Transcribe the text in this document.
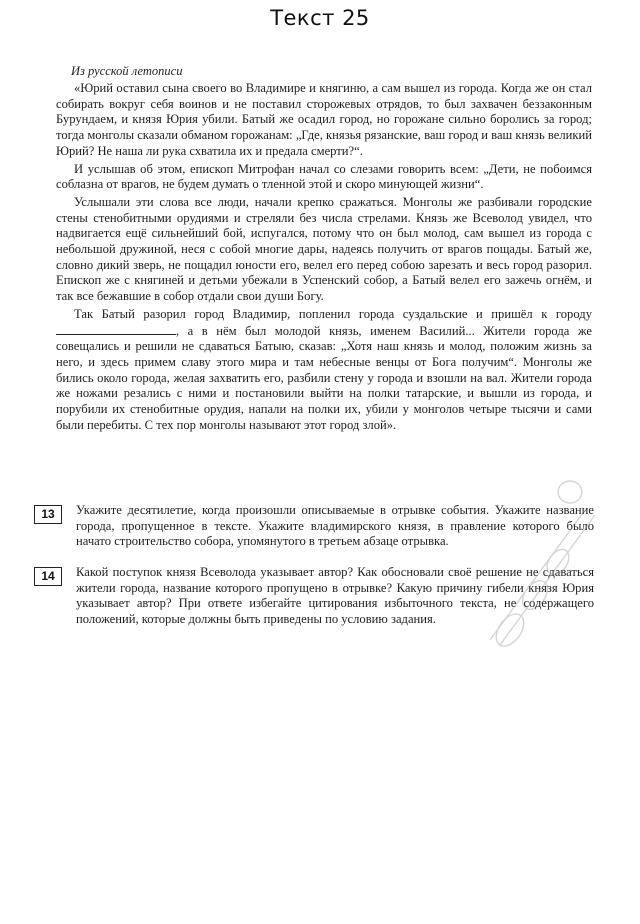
Текст 25
Из русской летописи

«Юрий оставил сына своего во Владимире и княгиню, а сам вышел из города. Когда же он стал собирать вокруг себя воинов и не поставил сторожевых отрядов, то был захвачен беззаконным Бурундаем, и князя Юрия убили. Батый же осадил город, но горожане сильно боролись за город; тогда монголы сказали обманом горожанам: „Где, князья рязанские, ваш город и ваш князь великий Юрий? Не наша ли рука схватила их и предала смерти?“.

И услышав об этом, епископ Митрофан начал со слезами говорить всем: „Дети, не побоимся соблазна от врагов, не будем думать о тленной этой и скоро минующей жизни“.

Услышали эти слова все люди, начали крепко сражаться. Монголы же разбивали городские стены стенобитными орудиями и стреляли без числа стрелами. Князь же Всеволод увидел, что надвигается ещё сильнейший бой, испугался, потому что он был молод, сам вышел из города с небольшой дружиной, неся с собой многие дары, надеясь получить от врагов пощады. Батый же, словно дикий зверь, не пощадил юности его, велел его перед собою зарезать и весь город разорил. Епископ же с княгиней и детьми убежали в Успенский собор, а Батый велел его зажечь огнём, и так все бежавшие в собор отдали свои души Богу.

Так Батый разорил город Владимир, попленил города суздальские и пришёл к городу , а в нём был молодой князь, именем Василий... Жители города же совещались и решили не сдаваться Батыю, сказав: „Хотя наш князь и молод, положим жизнь за него, и здесь примем славу этого мира и там небесные венцы от Бога получим“. Монголы же бились около города, желая захватить его, разбили стену у города и взошли на вал. Жители города же ножами резались с ними и постановили выйти на полки татарские, и вышли из города, и порубили их стенобитные орудия, напали на полки их, убили у монголов четыре тысячи и сами были перебиты. С тех пор монголы называют этот город злой».

13	Укажите десятилетие, когда произошли описываемые в отрывке события. Укажите название города, пропущенное в тексте. Укажите владимирского князя, в правление которого было начато строительство собора, упомянутого в третьем абзаце отрывка.
14	Какой поступок князя Всеволода указывает автор? Как обосновали своё решение не сдаваться жители города, название которого пропущено в отрывке? Какую причину гибели князя Юрия указывает автор? При ответе избегайте цитирования избыточного текста, не содержащего положений, которые должны быть приведены по условию задания.
